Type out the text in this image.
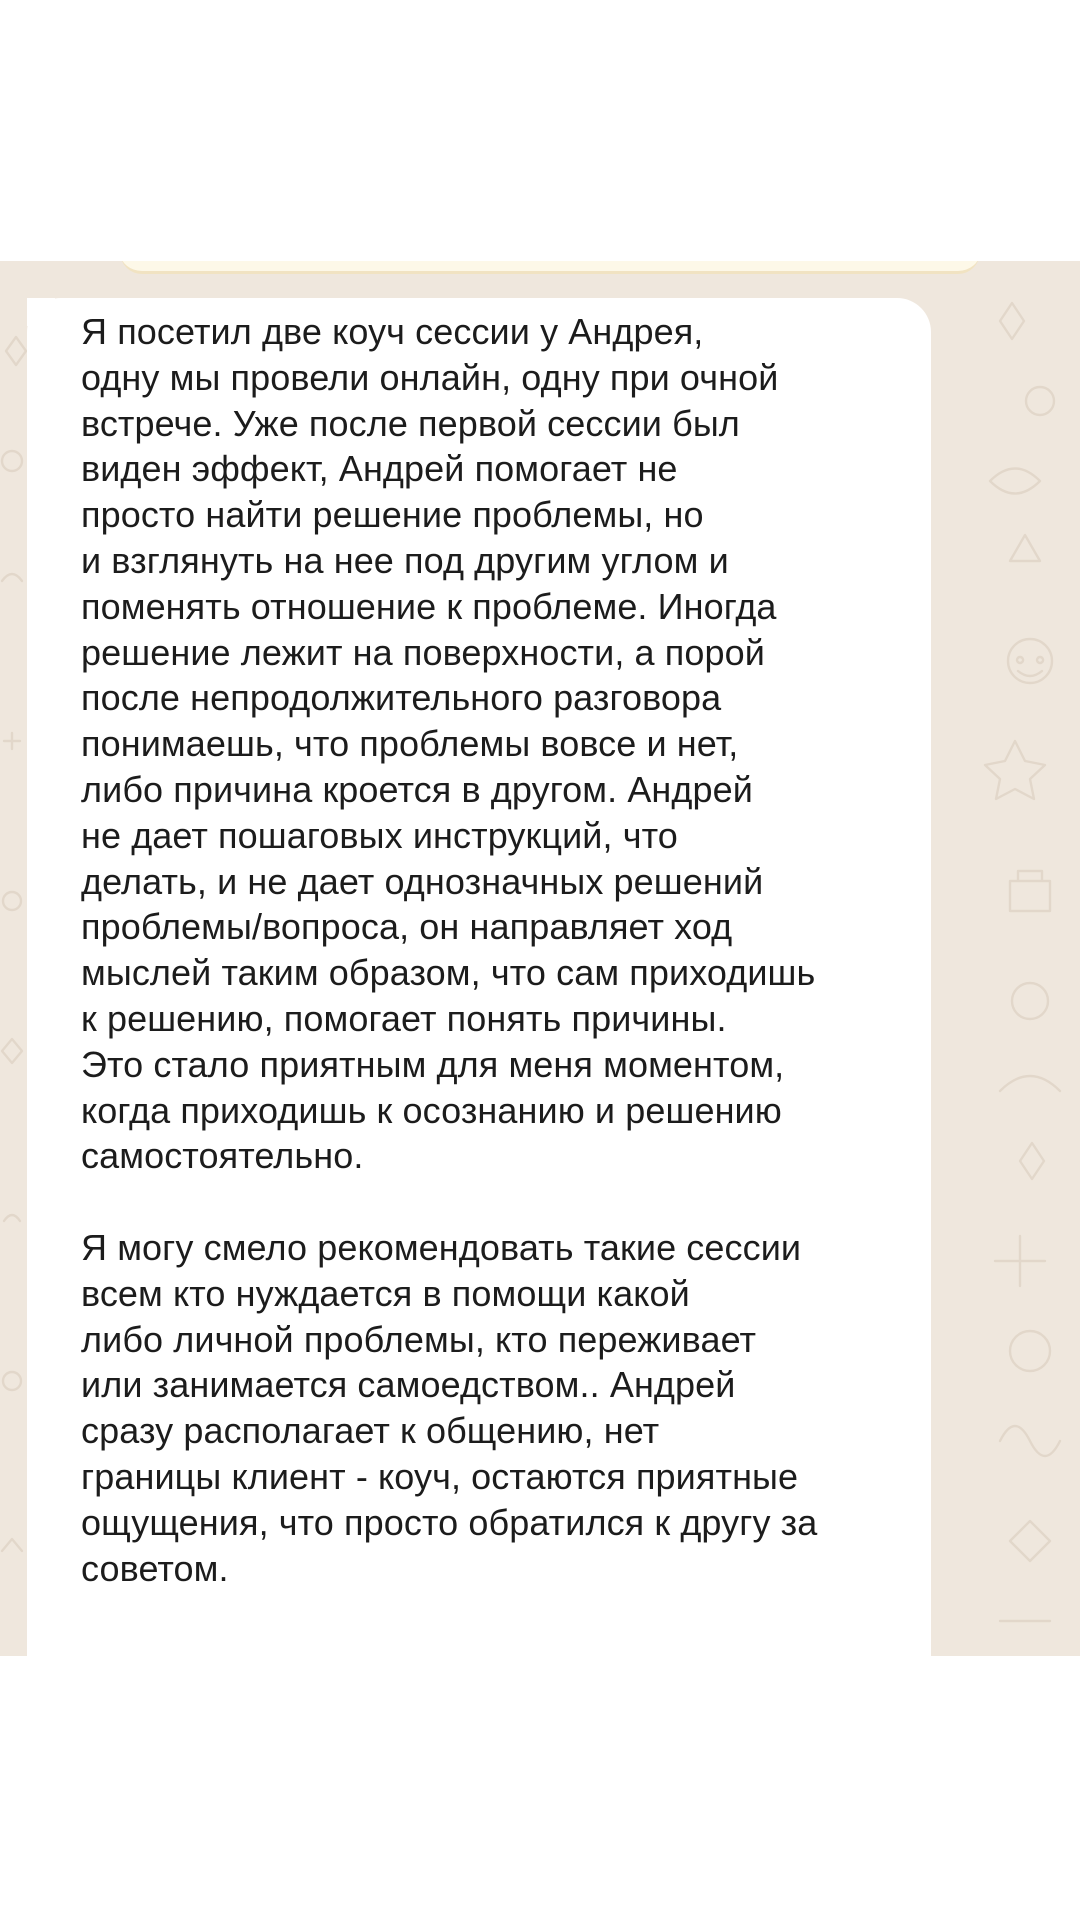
Я посетил две коуч сессии у Андрея,
одну мы провели онлайн, одну при очной
встрече. Уже после первой сессии был
виден эффект, Андрей помогает не
просто найти решение проблемы, но
и взглянуть на нее под другим углом и
поменять отношение к проблеме. Иногда
решение лежит на поверхности, а порой
после непродолжительного разговора
понимаешь, что проблемы вовсе и нет,
либо причина кроется в другом. Андрей
не дает пошаговых инструкций, что
делать, и не дает однозначных решений
проблемы/вопроса, он направляет ход
мыслей таким образом, что сам приходишь
к решению, помогает понять причины.
Это стало приятным для меня моментом,
когда приходишь к осознанию и решению
самостоятельно.
Я могу смело рекомендовать такие сессии
всем кто нуждается в помощи какой
либо личной проблемы, кто переживает
или занимается самоедством.. Андрей
сразу располагает к общению, нет
границы клиент - коуч, остаются приятные
ощущения, что просто обратился к другу за
советом.
